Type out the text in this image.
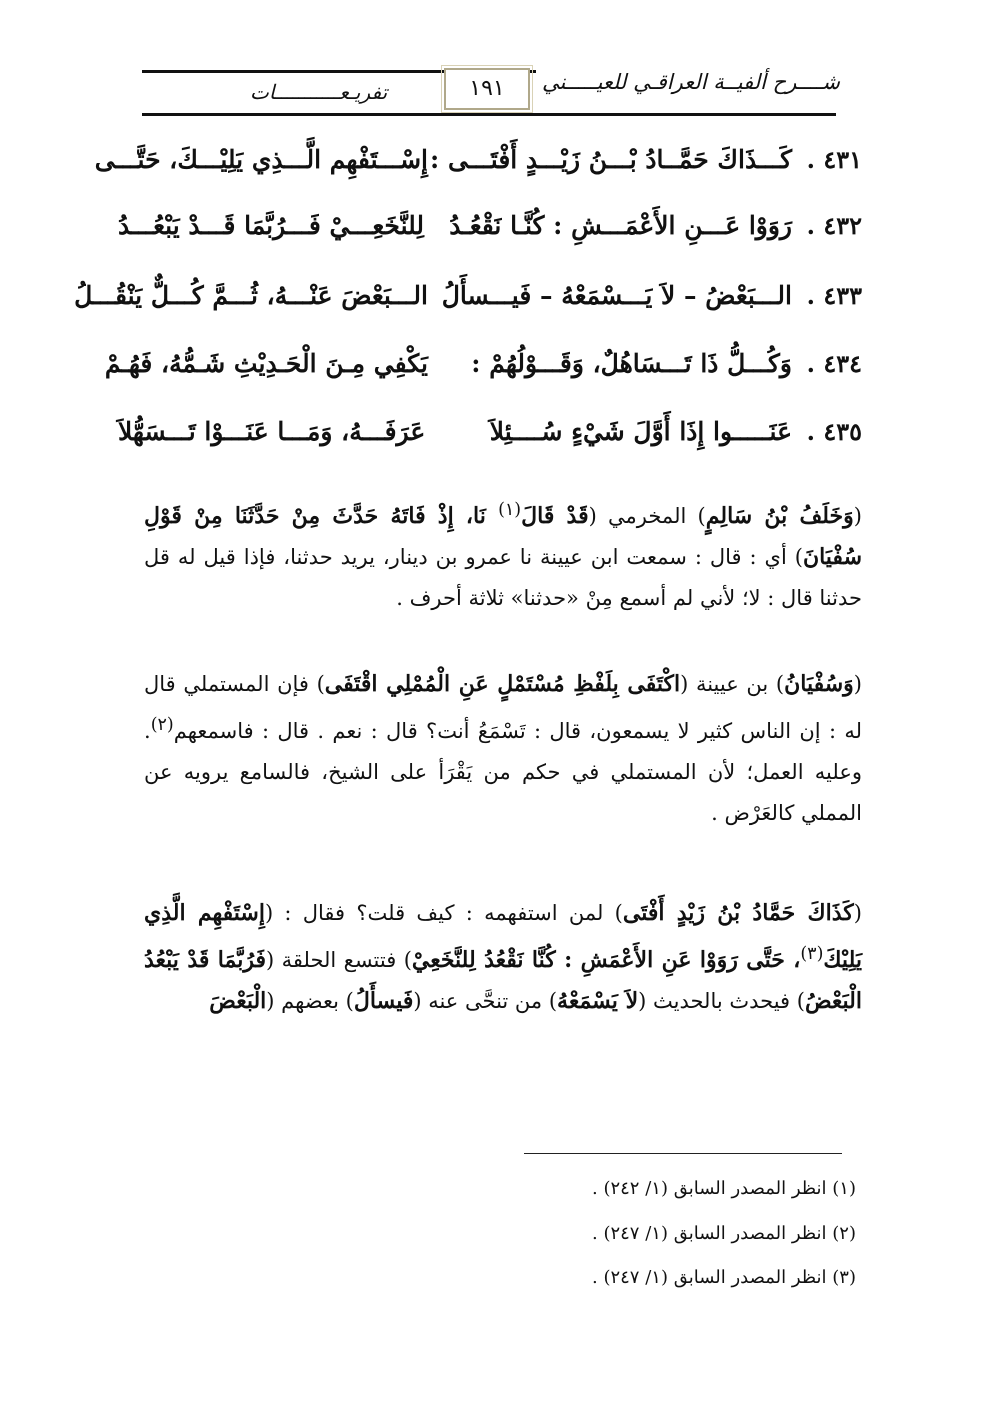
شــــرح ألفيــة العراقـي للعيـــــني
١٩١
تفريـعـــــــــــات
٤٣١ .
كَـــذَاكَ حَمَّــادُ بْـــنُ زَيْـــدٍ أَفْتَـــى :
إِسْـــتَفْهِم الَّـــذِي يَلِيْـــكَ، حَتَّـــى
٤٣٢ .
رَوَوْا عَـــنِ الأَعْمَـــشِ : كُنَّـا نَقْعُـدُ
لِلنَّخَعِـــيْ فَـــرُبَّمَا قَـــدْ يَبْعُـــدُ
٤٣٣ .
الـــبَعْضُ – لاَ يَـــسْمَعْهُ – فَيـــسأَلُ
الـــبَعْضَ عَنْـــهُ، ثُـــمَّ كُـــلٌّ يَنْقُـــلُ
٤٣٤ .
وَكُـــلُّ ذَا تَـــسَاهُلٌ، وَقَـــوْلُهُمْ :
يَكْفِي مِـنَ الْحَـدِيْثِ شَـمُّهُ، فَهُـمْ
٤٣٥ .
عَنَـــــوا إِذَا أَوَّلَ شَيْءٍ سُــــئِلاَ
عَرَفَـــهُ، وَمَـــا عَنَـــوْا تَـــسَهُّلاَ
(وَخَلَفُ بْنُ سَالِمٍ) المخرمي (قَدْ قَالَ$^{(١)}$ نَا، إِذْ فَاتَهُ حَدَّثَ مِنْ حَدَّثَنَا مِنْ قَوْلِ سُفْيَانَ) أي : قال : سمعت ابن عيينة نا عمرو بن دينار، يريد حدثنا، فإذا قيل له قل حدثنا قال : لا؛ لأني لم أسمع مِنْ «حدثنا» ثلاثة أحرف .
(وَسُفْيَانُ) بن عيينة (اكْتَفَى بِلَفْظِ مُسْتَمْلٍ عَنِ الْمُمْلِي اقْتَفَى) فإن المستملي قال له : إن الناس كثير لا يسمعون، قال : تَسْمَعُ أنت؟ قال : نعم . قال : فاسمعهم$^{(٢)}$. وعليه العمل؛ لأن المستملي في حكم من يَقْرَأ على الشيخ، فالسامع يرويه عن المملي كالعَرْض .
(كَذَاكَ حَمَّادُ بْنُ زَيْدٍ أَفْتَى) لمن استفهمه : كيف قلت؟ فقال : (إِسْتَفْهِم الَّذِي يَلِيْكَ$^{(٣)}$، حَتَّى رَوَوْا عَنِ الأَعْمَشِ : كُنَّا نَقْعُدُ لِلنَّخَعِيْ) فتتسع الحلقة (فَرُبَّمَا قَدْ يَبْعُدُ الْبَعْضُ) فيحدث بالحديث (لاَ يَسْمَعْهُ) من تنحَّى عنه (فَيسأَلُ) بعضهم (الْبَعْضَ
(١) انظر المصدر السابق (١/ ٢٤٢) .
(٢) انظر المصدر السابق (١/ ٢٤٧) .
(٣) انظر المصدر السابق (١/ ٢٤٧) .
